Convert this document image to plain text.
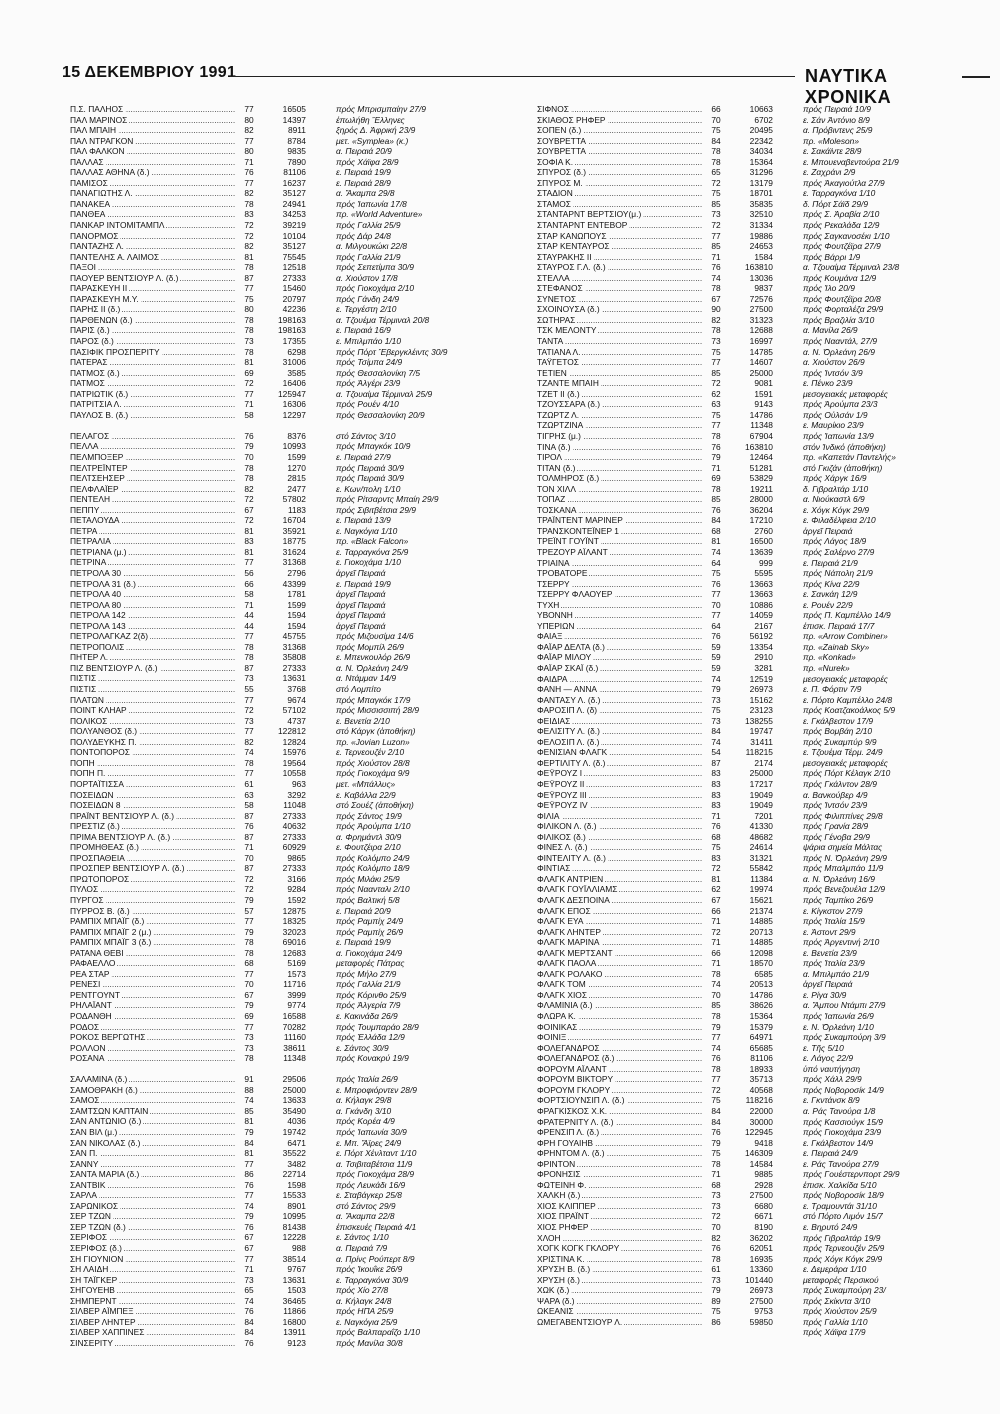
15 ΔΕΚΕΜΒΡΙΟΥ 1991	ΝΑΥΤΙΚΑ ΧΡΟΝΙΚΑ
Π.Σ. ΠΑΛΗΟΣ .....	77	16505	πρός Μπρισμπαίην 27/9
ΠΑΛ ΜΑΡΙΝΟΣ .....	80	14397	ἐπωλήθη Ἕλληνες
ΠΑΛ ΜΠΑΙΗ .....	82	8911	ξηρός Δ. Ἀφρική 23/9
ΠΑΛ ΝΤΡΑΓΚΟΝ .....	77	8784	μετ. «Symplea» (κ.)
ΠΑΛ ΦΑΛΚΟΝ .....	80	9835	α. Πειραιά 20/9
ΠΑΛΛΑΣ .....	71	7890	πρός Χάϊφα 28/9
ΠΑΛΛΑΣ ΑΘΗΝΑ (δ.) .....	76	81106	ε. Πειραιά 19/9
ΠΑΜΙΣΟΣ .....	77	16237	ε. Πειραιά 28/9
ΠΑΝΑΓΙΩΤΗΣ Λ. .....	82	35127	α. Ἄκαμπα 29/8
ΠΑΝΑΚΕΑ .....	78	24941	πρός Ἰαπωνία 17/8
ΠΑΝΘΕΑ .....	83	34253	πρ. «World Adventure»
ΠΑΝΚΑΡ ΙΝΤΟΜΙΤΑΜΠΛ .....	72	39219	πρός Γαλλία 25/9
ΠΑΝΟΡΜΟΣ .....	72	10104	πρός Δάρ 24/8
ΠΑΝΤΑΖΗΣ Λ. .....	82	35127	α. Μιλγουκώκι 22/8
ΠΑΝΤΕΛΗΣ Α. ΛΑΙΜΟΣ .....	81	75545	πρός Γαλλία 21/9
ΠΑΞΟΙ .....	78	12518	πρός Σεπετίμπα 30/9
ΠΑΟΥΕΡ ΒΕΝΤΣΙΟΥΡ Λ. (δ.) .....	87	27333	α. Χιούστον 17/8
ΠΑΡΑΣΚΕΥΗ ΙΙ .....	77	15460	πρός Γιοκοχάμα 2/10
ΠΑΡΑΣΚΕΥΗ Μ.Υ. .....	75	20797	πρός Γάνδη 24/9
ΠΑΡΗΣ ΙΙ (δ.) .....	80	42236	ε. Τεργέστη 2/10
ΠΑΡΘΕΝΩΝ (δ.) .....	78	198163	α. Τζουέμα Τέρμιναλ 20/8
ΠΑΡΙΣ (δ.) .....	78	198163	ε. Πειραιά 16/9
ΠΑΡΟΣ (δ.) .....	73	17355	ε. Μπιλμπάο 1/10
ΠΑΣΙΦΙΚ ΠΡΟΣΠΕΡΙΤΥ .....	78	6298	πρός Πόρτ Ἔβεργκλέιντς 30/9
ΠΑΤΕΡΑΣ .....	81	31006	πρός Τσίμπα 24/9
ΠΑΤΜΟΣ (δ.) .....	69	3585	πρός Θεσσαλονίκη 7/5
ΠΑΤΜΟΣ .....	72	16406	πρός Ἀλγέρι 23/9
ΠΑΤΡΙΩΤΙΚ (δ.) .....	77	125947	α. Τζουαίμα Τέρμιναλ 25/9
ΠΑΤΡΙΤΣΙΑ Λ. .....	71	16306	πρός Ρουέν 4/10
ΠΑΥΛΟΣ Β. (δ.) .....	58	12297	πρός Θεσσαλονίκη 20/9
ΠΕΛΑΓΟΣ .....	76	8376	στό Σάντος 3/10
ΠΕΛΛΑ .....	79	10993	πρός Μπαγκόκ 10/9
ΠΕΛΜΠΟΞΕΡ .....	70	1599	ε. Πειραιά 27/9
ΠΕΛΤΡΕΪΝΤΕΡ .....	78	1270	πρός Πειραιά 30/9
ΠΕΛΤΣΕΗΣΕΡ .....	78	2815	πρός Πειραιά 30/9
ΠΕΛΦΛΑΪΕΡ .....	82	2477	ε. Κων/πολη 1/10
ΠΕΝΤΕΛΗ .....	72	57802	πρός Ρίτσαρντς Μπαίη 29/9
ΠΕΠΠΥ .....	67	1183	πρός Σιβιτβέτσια 29/9
ΠΕΤΑΛΟΥΔΑ .....	72	16704	ε. Πειραιά 13/9
ΠΕΤΡΑ .....	81	35921	ε. Ναγκόγια 1/10
ΠΕΤΡΑΛΙΑ .....	83	18775	πρ. «Black Falcon»
ΠΕΤΡΙΑΝΑ (μ.) .....	81	31624	ε. Ταρραγκόνα 25/9
ΠΕΤΡΙΝΑ .....	77	31368	ε. Γιοκοχάμα 1/10
ΠΕΤΡΟΛΑ 30 .....	56	2796	ἀργεῖ Πειραιά
ΠΕΤΡΟΛΑ 31 (δ.) .....	66	43399	ε. Πειραιά 19/9
ΠΕΤΡΟΛΑ 40 .....	58	1781	ἀργεῖ Πειραιά
ΠΕΤΡΟΛΑ 80 .....	71	1599	ἀργεῖ Πειραιά
ΠΕΤΡΟΛΑ 142 .....	44	1594	ἀργεῖ Πειραιά
ΠΕΤΡΟΛΑ 143 .....	44	1594	ἀργεῖ Πειραιά
ΠΕΤΡΟΛΑΓΚΑΖ 2(δ) .....	77	45755	πρός Μιζουσίμα 14/6
ΠΕΤΡΟΠΟΛΙΣ .....	78	31368	πρός Μομπίλ 26/9
ΠΗΤΕΡ Λ. .....	78	35808	ε. Μπενκουλόρ 26/9
ΠΙΖ ΒΕΝΤΣΙΟΥΡ Λ. (δ.) .....	87	27333	α. Ν. Ὀρλεάνη 24/9
ΠΙΣΤΙΣ .....	73	13631	α. Ντάμμαν 14/9
ΠΙΣΤΙΣ .....	55	3768	στό Λομπίτο
ΠΛΑΤΩΝ .....	77	9674	πρός Μπαγκόκ 17/9
ΠΟΙΝΤ ΚΛΗΑΡ .....	72	57102	πρός Μισσισσιπή 28/9
ΠΟΛΙΚΟΣ .....	73	4737	ε. Βενετία 2/10
ΠΟΛΥΑΝΘΟΣ (δ.) .....	77	122812	στό Κάργκ (ἀποθήκη)
ΠΟΛΥΔΕΥΚΗΣ Π. .....	82	12824	πρ. «Jovian Luzon»
ΠΟΝΤΟΠΟΡΟΣ .....	74	15976	ε. Τερνεουζέν 2/10
ΠΟΠΗ .....	78	19564	πρός Χιούστον 28/8
ΠΟΠΗ Π. .....	77	10558	πρός Γιοκοχάμα 9/9
ΠΟΡΤΑΪΤΙΣΣΑ .....	61	963	μετ. «Μπάλλυς»
ΠΟΣΕΙΔΩΝ .....	63	3292	ε. Καβάλλα 22/9
ΠΟΣΕΙΔΩΝ 8 .....	58	11048	στό Σουέζ (ἀποθήκη)
ΠΡΑΪΝΤ ΒΕΝΤΣΙΟΥΡ Λ. (δ.) .....	87	27333	πρός Σάντος 19/9
ΠΡΕΣΤΙΖ (δ.) .....	76	40632	πρός Ἀρούμπα 1/10
ΠΡΙΜΑ ΒΕΝΤΣΙΟΥΡ Λ. (δ.) .....	87	27333	α. Φρημάντλ 30/9
ΠΡΟΜΗΘΕΑΣ (δ.) .....	71	60929	ε. Φουτζέιρα 2/10
ΠΡΟΣΠΑΘΕΙΑ .....	70	9865	πρός Κολόμπο 24/9
ΠΡΟΣΠΕΡ ΒΕΝΤΣΙΟΥΡ Λ. (δ.) .....	87	27333	πρός Κολόμπο 18/9
ΠΡΩΤΟΠΟΡΟΣ .....	72	3166	πρός Μιλάκι 25/9
ΠΥΛΟΣ .....	72	9284	πρός Ναανταλι 2/10
ΠΥΡΓΟΣ .....	79	1592	πρός Βαλτική 5/8
ΠΥΡΡΟΣ Β. (δ.) .....	57	12875	ε. Πειραιά 20/9
ΡΑΜΠΙΧ ΜΠΑΪΓ (δ.) .....	77	18325	πρός Ραμπίχ 24/9
ΡΑΜΠΙΧ ΜΠΑΪΓ 2 (μ.) .....	79	32023	πρός Ραμπίχ 26/9
ΡΑΜΠΙΧ ΜΠΑΪΓ 3 (δ.) .....	78	69016	ε. Πειραιά 19/9
ΡΑΤΑΝΑ ΘΕΒΙ .....	78	12683	α. Γιοκοχάμα 24/9
ΡΑΦΑΕΛΛΟ .....	68	5169	μεταφορές Πάτρας
ΡΕΑ ΣΤΑΡ .....	77	1573	πρός Μήλο 27/9
ΡΕΝΕΣΙ .....	70	11716	πρός Γαλλία 21/9
ΡΕΝΤΓΟΥΝΤ .....	67	3999	πρός Κόρινθο 25/9
ΡΗΛΑΪΑΝΤ .....	79	9774	πρός Ἀλγερία 7/9
ΡΟΔΑΝΘΗ .....	69	16588	ε. Κακινάδα 26/9
ΡΟΔΟΣ .....	77	70282	πρός Τουμπαράο 28/9
ΡΟΚΟΣ ΒΕΡΓΩΤΗΣ .....	73	11160	πρός Ἑλλάδα 12/9
ΡΟΛΛΟΝ .....	73	38611	ε. Σάντος 30/9
ΡΟΣΑΝΑ .....	78	11348	πρός Κονακρύ 19/9
ΣΑΛΑΜΙΝΑ (δ.) .....	91	29506	πρός Ἰταλία 26/9
ΣΑΜΟΘΡΑΚΗ (δ.) .....	88	25000	ε. Μπροφιόρντεν 28/9
ΣΑΜΟΣ .....	74	13633	α. Κήλαγκ 29/8
ΣΑΜΤΣΩΝ ΚΑΠΤΑΙΝ .....	85	35490	α. Γκάνδη 3/10
ΣΑΝ ΑΝΤΩΝΙΟ (δ.) .....	81	4036	πρός Κορέα 4/9
ΣΑΝ ΒΙΛ (μ.) .....	79	19742	πρός Ἰαπωνία 30/9
ΣΑΝ ΝΙΚΟΛΑΣ (δ.) .....	84	6471	ε. Μπ. Ἄϊρες 24/9
ΣΑΝ Π. .....	81	35522	ε. Πόρτ Χένλταντ 1/10
ΣΑΝΝΥ .....	77	3482	α. Τσιβιταβέτσια 11/9
ΣΑΝΤΑ ΜΑΡΙΑ (δ.) .....	86	22714	πρός Γιοκοχάμα 28/9
ΣΑΝΤΒΙΚ .....	76	1598	πρός Λευκάδι 16/9
ΣΑΡΛΑ .....	77	15533	ε. Σταβάγκερ 25/8
ΣΑΡΩΝΙΚΟΣ .....	74	8901	στό Σάντος 29/9
ΣΕΡ ΤΖΩΝ .....	79	10995	α. Ἄκαμπα 22/8
ΣΕΡ ΤΖΩΝ (δ.) .....	76	81438	ἐπισκευές Πειραιά 4/1
ΣΕΡΙΦΟΣ .....	67	12228	ε. Σάντος 1/10
ΣΕΡΙΦΟΣ (δ.) .....	67	988	α. Πειραιά 7/9
ΣΗ ΓΙΟΥΝΙΟΝ .....	77	38514	α. Πρίνς Ρούπερτ 8/9
ΣΗ ΛΑΙΔΗ .....	71	9767	πρός Ἰκουΐκε 26/9
ΣΗ ΤΑΪΓΚΕΡ .....	73	13631	ε. Ταρραγκόνα 30/9
ΣΗΓΟΥΕΗΒ .....	65	1503	πρός Χίο 27/8
ΣΗΜΠΕΡΝΤ .....	74	36465	α. Κήλαγκ 24/8
ΣΙΛΒΕΡ ΑΪΜΠΕΞ .....	76	11866	πρός ΗΠΑ 25/9
ΣΙΛΒΕΡ ΛΗΝΤΕΡ .....	84	16800	ε. Ναγκόγια 25/9
ΣΙΛΒΕΡ ΧΑΠΠΙΝΕΣ .....	84	13911	πρός Βαλπαραΐζο 1/10
ΣΙΝΣΕΡΙΤΥ .....	76	9123	πρός Μανίλα 30/8
ΣΙΦΝΟΣ .....	66	10663	πρός Πειραιά 10/9
ΣΚΙΑΘΟΣ ΡΗΦΕΡ .....	70	6702	ε. Σάν Ἀντόνιο 8/9
ΣΟΠΕΝ (δ.) .....	75	20495	α. Πρόβιντενς 25/9
ΣΟΥΒΡΕΤΤΑ .....	84	22342	πρ. «Moleson»
ΣΟΥΒΡΕΤΤΑ .....	78	34034	ε. Σακάϊντε 28/9
ΣΟΦΙΑ Κ. .....	78	15364	ε. Μπουεναβεντούρα 21/9
ΣΠΥΡΟΣ (δ.) .....	65	31296	ε. Ζαχράνι 2/9
ΣΠΥΡΟΣ Μ. .....	72	13179	πρός Ἀκαγιούτλα 27/9
ΣΤΑΔΙΟΝ .....	75	18701	ε. Ταρραγκόνα 1/10
ΣΤΑΜΟΣ .....	85	35835	δ. Πόρτ Σάϊδ 29/9
ΣΤΑΝΤΑΡΝΤ ΒΕΡΤΣΙΟΥ(μ.) .....	73	32510	πρός Σ. Ἀραβία 2/10
ΣΤΑΝΤΑΡΝΤ ΕΝΤΕΒΟΡ .....	72	31334	πρός Ρεκαλάδα 12/9
ΣΤΑΡ ΚΑΝΩΠΟΥΣ .....	77	19886	πρός Σαγκανοσέκι 1/10
ΣΤΑΡ ΚΕΝΤΑΥΡΟΣ .....	85	24653	πρός Φουτζέϊρα 27/9
ΣΤΑΥΡΑΚΗΣ ΙΙ .....	71	1584	πρός Βάρρι 1/9
ΣΤΑΥΡΟΣ Γ.Λ. (δ.) .....	76	163810	α. Τζουαίμα Τέρμιναλ 23/8
ΣΤΕΛΛΑ .....	74	13036	πρός Κουμάνα 12/9
ΣΤΕΦΑΝΟΣ .....	78	9837	πρός Ἰλο 20/9
ΣΥΝΕΤΟΣ .....	67	72576	πρός Φουτζέϊρα 20/8
ΣΧΟΙΝΟΥΣΑ (δ.) .....	90	27500	πρός Φορταλέζα 29/9
ΣΩΤΗΡΑΣ .....	82	31323	πρός Βραζιλία 3/10
ΤΣΚ ΜΕΛΟΝΤΥ .....	78	12688	α. Μανίλα 26/9
ΤΑΝΤΑ .....	73	16997	πρός Νααντάλ, 27/9
ΤΑΤΙΑΝΑ Λ. .....	75	14785	α. Ν. Ὀρλεάνη 26/9
ΤΑΫΓΕΤΟΣ .....	77	14607	α. Χιούστον 26/9
ΤΕΤΙΕΝ .....	85	25000	πρός Ἰντσόν 3/9
ΤΖΑΝΤΕ ΜΠΑΙΗ .....	72	9081	ε. Πένκο 23/9
ΤΖΕΤ ΙΙ (δ.) .....	62	1591	μεσογειακές μεταφορές
ΤΖΟΥΣΣΑΡΑ (δ.) .....	63	9143	πρός Ἀρούμπα 23/3
ΤΖΩΡΤΖ Λ. .....	75	14786	πρός Οὐλσάν 1/9
ΤΖΩΡΤΖΙΝΑ .....	77	11348	ε. Μαυρίκιο 23/9
ΤΙΓΡΗΣ (μ.) .....	78	67904	πρός Ἰαπωνία 13/9
ΤΙΝΑ (δ.) .....	76	163810	στόν Ἰνδικό (ἀποθήκη)
ΤΙΡΟΛ .....	79	12464	πρ. «Καπετάν Παντελής»
ΤΙΤΑΝ (δ.) .....	71	51281	στό Γκιζάν (ἀποθήκη)
ΤΟΛΜΗΡΟΣ (δ.) .....	69	53829	πρός Χάργκ 16/9
ΤΟΝ ΧΙΛΛ .....	78	19211	δ. Γιβραλτάρ 1/10
ΤΟΠΑΖ .....	85	28000	α. Νιούκαστλ 6/9
ΤΟΣΚΑΝΑ .....	76	36204	ε. Χόγκ Κόγκ 29/9
ΤΡΑΪΝΤΕΝΤ ΜΑΡΙΝΕΡ .....	84	17210	ε. Φιλαδέλφεια 2/10
ΤΡΑΝΣΚΟΝΤΕΪΝΕΡ 1 .....	68	2760	ἀργεῖ Πειραιά
ΤΡΕΪΝΤ ΓΟΥΪΝΤ .....	81	16500	πρός Λάγος 18/9
ΤΡΕΖΟΥΡ ΑΪΛΑΝΤ .....	74	13639	πρός Σαλέρνο 27/9
ΤΡΙΑΙΝΑ .....	64	999	ε. Πειραιά 21/9
ΤΡΟΒΑΤΟΡΕ .....	75	5595	πρός Νάπολη 21/9
ΤΣΕΡΡΥ .....	76	13663	πρός Κίνα 22/9
ΤΣΕΡΡΥ ΦΛΑΟΥΕΡ .....	77	13663	ε. Σανκάη 12/9
ΤΥΧΗ .....	70	10886	ε. Ρουέν 22/9
ΥΒΟΝΝΗ .....	77	14059	πρός Π. Καμπέλλο 14/9
ΥΠΕΡΙΩΝ .....	64	2167	ἐπισκ. Πειραιά 17/7
ΦΑΙΑΞ .....	76	56192	πρ. «Arrow Combiner»
ΦΑΪΑΡ ΔΕΛΤΑ (δ.) .....	59	13354	πρ. «Zainab Sky»
ΦΑΪΑΡ ΜΙΛΟΥ .....	59	2910	πρ. «Konkad»
ΦΑΪΑΡ ΣΚΑΪ (δ.) .....	59	3281	πρ. «Nurek»
ΦΑΙΔΡΑ .....	74	12519	μεσογειακές μεταφορές
ΦΑΝΗ — ΑΝΝΑ .....	79	26973	ε. Π. Φόρτιν 7/9
ΦΑΝΤΑΣΥ Λ. (δ.) .....	73	15162	ε. Πόρτο Καμπέλλο 24/8
ΦΑΡΟΣΙΠ Λ. (δ) .....	75	23123	πρός Κοατζακοάλκος 5/9
ΦΕΙΔΙΑΣ .....	73	138255	ε. Γκάλβεστον 17/9
ΦΕΛΙΣΙΤΥ Λ. (δ.) .....	84	19747	πρός Βομβάη 2/10
ΦΕΛΟΣΙΠ Λ. (δ.) .....	74	31411	πρός Συκαμπύρ 9/9
ΦΕΝΙΣΙΑΝ ΦΛΑΓΚ .....	54	118215	ε. Τζουέμα Τέρμ. 24/9
ΦΕΡΤΙΛΙΤΥ Λ. (δ.) .....	87	2174	μεσογειακές μεταφορές
ΦΕΫΡΟΥΖ Ι .....	83	25000	πρός Πόρτ Κέλαγκ 2/10
ΦΕΫΡΟΥΖ ΙΙ .....	83	17217	πρός Γκάλντον 28/9
ΦΕΫΡΟΥΖ ΙΙΙ .....	83	19049	α. Βανκούβερ 4/9
ΦΕΫΡΟΥΖ ΙV .....	83	19049	πρός Ἰντσόν 23/9
ΦΙΛΙΑ .....	71	7201	πρός Φιλιππίνες 29/8
ΦΙΛΙΚΟΝ Λ. (δ.) .....	76	41330	πρός Γρανία 28/9
ΦΙΛΙΚΟΣ (δ.) .....	68	48682	πρός Γένοβα 29/9
ΦΙΝΕΣ Λ. (δ.) .....	75	24614	ψάρια σημεία Μάλτας
ΦΙΝΤΕΛΙΤΥ Λ. (δ.) .....	83	31321	πρός Ν. Ὀρλεάνη 29/9
ΦΙΝΤΙΑΣ .....	72	55842	πρός Μπαλμπάο 11/9
ΦΛΑΓΚ ΑΝΤΡΙΕΝ .....	81	11384	α. Ν. Ὀρλεάνη 16/9
ΦΛΑΓΚ ΓΟΥΪΛΛΙΑΜΣ .....	62	19974	πρός Βενεζουέλα 12/9
ΦΛΑΓΚ ΔΕΣΠΟΙΝΑ .....	67	15621	πρός Ταμπίκο 26/9
ΦΛΑΓΚ ΕΠΟΣ .....	66	21374	ε. Κίγκστον 27/9
ΦΛΑΓΚ ΕΥΑ .....	71	14885	πρός Ἰταλία 15/9
ΦΛΑΓΚ ΛΗΝΤΕΡ .....	72	20713	ε. Ἀστοντ 29/9
ΦΛΑΓΚ ΜΑΡΙΝΑ .....	71	14885	πρός Ἀργεντινή 2/10
ΦΛΑΓΚ ΜΕΡΤΣΑΝΤ .....	66	12098	ε. Βενετία 23/9
ΦΛΑΓΚ ΠΑΟΛΑ .....	71	18570	πρός Ἰταλία 23/9
ΦΛΑΓΚ ΡΟΛΑΚΟ .....	78	6585	α. Μπιλμπάο 21/9
ΦΛΑΓΚ ΤΟΜ .....	74	20513	ἀργεῖ Πειραιά
ΦΛΑΓΚ ΧΙΟΣ .....	70	14786	ε. Ρίγα 30/9
ΦΛΑΜΙΝΙΑ (δ.) .....	85	38626	α. Ἄμπου Ντάμπι 27/9
ΦΛΩΡΑ Κ. .....	78	15364	πρός Ἰαπωνία 26/9
ΦΟΙΝΙΚΑΣ .....	79	15379	ε. Ν. Ὀρλεάνη 1/10
ΦΟΙΝΙΞ .....	77	64971	πρός Συκαμπούρη 3/9
ΦΟΛΕΓΑΝΔΡΟΣ .....	74	65685	ε. Τῆς 5/10
ΦΟΛΕΓΑΝΔΡΟΣ (δ.) .....	76	81106	ε. Λάγος 22/9
ΦΟΡΟΥΜ ΑΪΛΑΝΤ .....	78	18933	ὑπό ναυτήγηση
ΦΟΡΟΥΜ ΒΙΚΤΟΡΥ .....	77	35713	πρός Χάλλ 29/9
ΦΟΡΟΥΜ ΓΚΛΟΡΥ .....	72	40568	πρός Νοβοροσίκ 14/9
ΦΟΡΤΣΙΟΥΝΣΙΠ Λ. (δ.) .....	75	118216	ε. Γκντάνσκ 8/9
ΦΡΑΓΚΙΣΚΟΣ Χ.Κ. .....	84	22000	α. Ράς Τανούρα 1/8
ΦΡΑΤΕΡΝΙΤΥ Λ. (δ.) .....	84	30000	πρός Κασσιούγκ 15/9
ΦΡΕΝΣΙΠ Λ. (δ.) .....	76	122945	πρός Γιοκοχάμα 23/9
ΦΡΗ ΓΟΥΑΙΗΒ .....	79	9418	ε. Γκάλβεστον 14/9
ΦΡΗΝΤΟΜ Λ. (δ.) .....	75	146309	ε. Πειραιά 24/9
ΦΡΙΝΤΟΝ .....	78	14584	ε. Ράς Τανούρα 27/9
ΦΡΟΝΗΣΙΣ .....	71	9885	πρός Γουέστερνπορτ 29/9
ΦΩΤΕΙΝΗ Φ. .....	68	2928	ἐπισκ. Χαλκίδα 5/10
ΧΑΛΚΗ (δ.) .....	73	27500	πρός Νοβοροσίκ 18/9
ΧΙΟΣ ΚΛΙΠΠΕΡ .....	73	6680	ε. Τραμουντάι 31/10
ΧΙΟΣ ΠΡΑΪΝΤ .....	72	6671	στό Πόρτο Λιμόν 15/7
ΧΙΟΣ ΡΗΦΕΡ .....	70	8190	ε. Βηρυτό 24/9
ΧΛΟΗ .....	82	36202	πρός Γιβραλτάρ 19/9
ΧΟΓΚ ΚΟΓΚ ΓΚΛΟΡΥ .....	76	62051	πρός Τερνεουζέν 25/9
ΧΡΙΣΤΙΝΑ Κ. .....	78	16935	πρός Χόγκ Κόγκ 29/9
ΧΡΥΣΗ Β. (δ.) .....	61	13360	ε. Δεμεράρα 1/10
ΧΡΥΣΗ (δ.) .....	73	101440	μεταφορές Περσικού
ΧΩΚ (δ.) .....	79	26973	πρός Συκαμπούρη 23/
ΨΑΡΑ (δ.) .....	89	27500	πρός Σκίκντα 3/10
ΩΚΕΑΝΙΣ .....	75	9753	πρός Χιούστον 25/9
ΩΜΕΓΑΒΕΝΤΣΙΟΥΡ Λ. .....	86	59850	πρός Γαλλία 1/10
πρός Χάϊφα 17/9
